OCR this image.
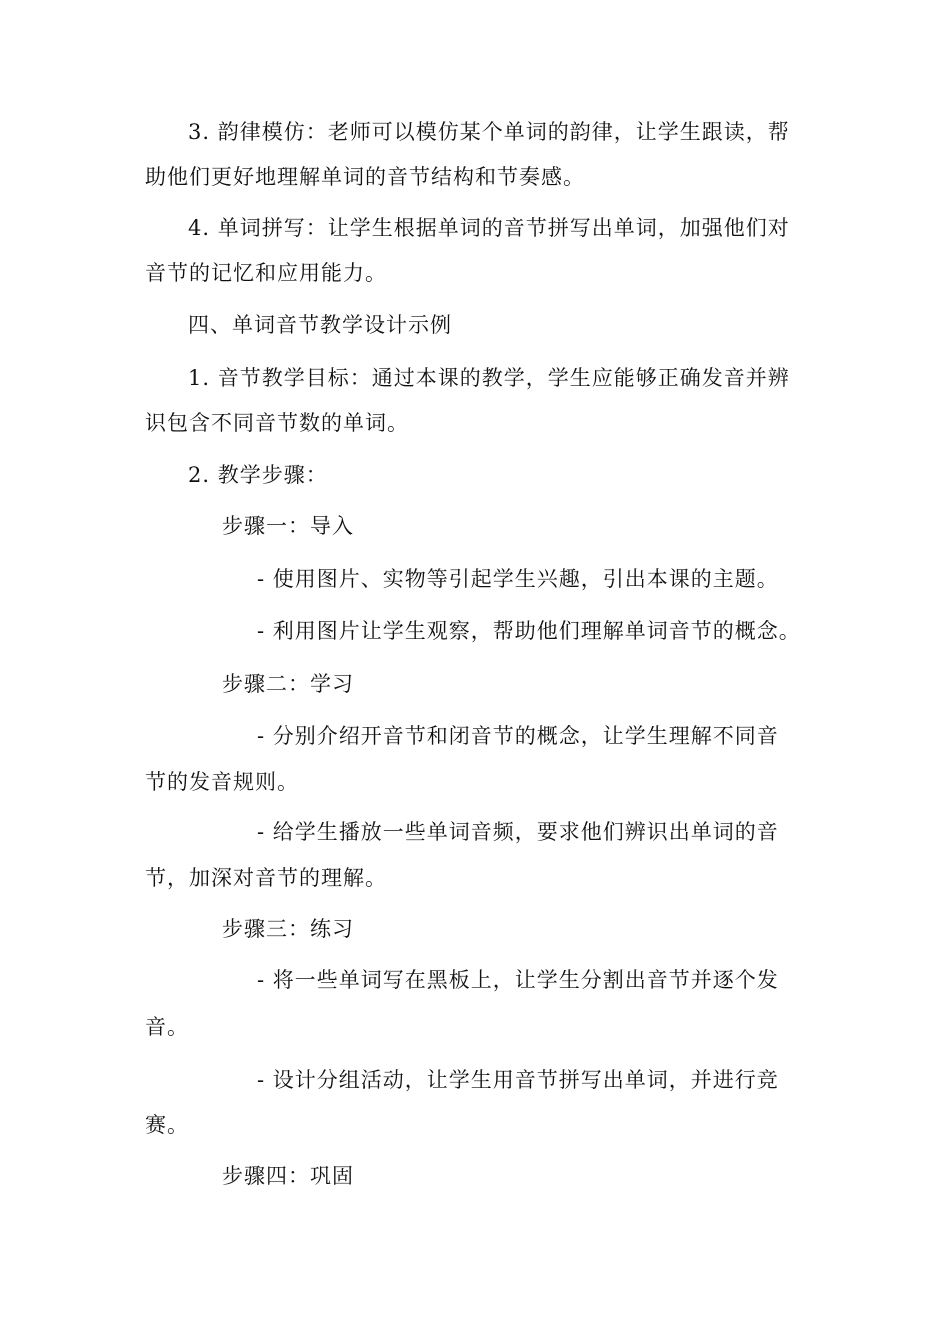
3. 韵律模仿：老师可以模仿某个单词的韵律，让学生跟读，帮
助他们更好地理解单词的音节结构和节奏感。
4. 单词拼写：让学生根据单词的音节拼写出单词，加强他们对
音节的记忆和应用能力。
四、单词音节教学设计示例
1. 音节教学目标：通过本课的教学，学生应能够正确发音并辨
识包含不同音节数的单词。
2. 教学步骤：
步骤一：导入
- 使用图片、实物等引起学生兴趣，引出本课的主题。
- 利用图片让学生观察，帮助他们理解单词音节的概念。
步骤二：学习
- 分别介绍开音节和闭音节的概念，让学生理解不同音
节的发音规则。
- 给学生播放一些单词音频，要求他们辨识出单词的音
节，加深对音节的理解。
步骤三：练习
- 将一些单词写在黑板上，让学生分割出音节并逐个发
音。
- 设计分组活动，让学生用音节拼写出单词，并进行竞
赛。
步骤四：巩固
